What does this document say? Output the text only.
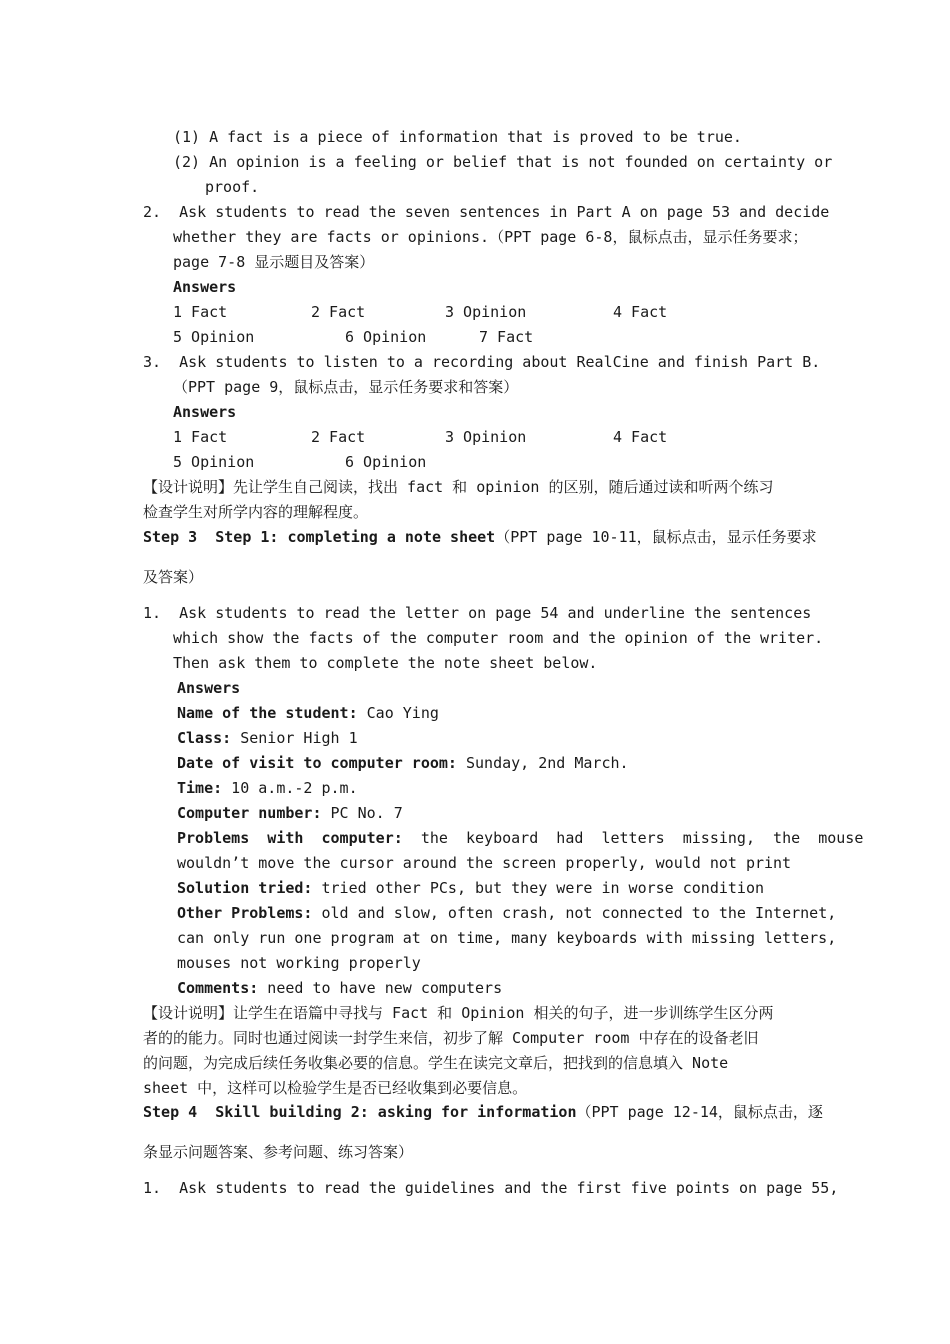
(1) A fact is a piece of information that is proved to be true.
(2) An opinion is a feeling or belief that is not founded on certainty or
proof.
2.  Ask students to read the seven sentences in Part A on page 53 and decide
whether they are facts or opinions.（PPT page 6-8，鼠标点击，显示任务要求；
page 7-8 显示题目及答案）
Answers
1 Fact	2 Fact	3 Opinion	4 Fact
5 Opinion	6 Opinion	7 Fact
3.  Ask students to listen to a recording about RealCine and finish Part B.
（PPT page 9，鼠标点击，显示任务要求和答案）
Answers
1 Fact	2 Fact	3 Opinion	4 Fact
5 Opinion	6 Opinion
【设计说明】先让学生自己阅读，找出 fact 和 opinion 的区别，随后通过读和听两个练习
检查学生对所学内容的理解程度。
Step 3  Step 1: completing a note sheet（PPT page 10-11，鼠标点击，显示任务要求
及答案）
1.  Ask students to read the letter on page 54 and underline the sentences
which show the facts of the computer room and the opinion of the writer.
Then ask them to complete the note sheet below.
Answers
Name of the student: Cao Ying
Class: Senior High 1
Date of visit to computer room: Sunday, 2nd March.
Time: 10 a.m.-2 p.m.
Computer number: PC No. 7
Problems  with  computer:  the  keyboard  had  letters  missing,  the  mouse
wouldn’t move the cursor around the screen properly, would not print
Solution tried: tried other PCs, but they were in worse condition
Other Problems: old and slow, often crash, not connected to the Internet,
can only run one program at on time, many keyboards with missing letters,
mouses not working properly
Comments: need to have new computers
【设计说明】让学生在语篇中寻找与 Fact 和 Opinion 相关的句子，进一步训练学生区分两
者的的能力。同时也通过阅读一封学生来信，初步了解 Computer room 中存在的设备老旧
的问题，为完成后续任务收集必要的信息。学生在读完文章后，把找到的信息填入 Note
sheet 中，这样可以检验学生是否已经收集到必要信息。
Step 4  Skill building 2: asking for information（PPT page 12-14，鼠标点击，逐
条显示问题答案、参考问题、练习答案）
1.  Ask students to read the guidelines and the first five points on page 55,
